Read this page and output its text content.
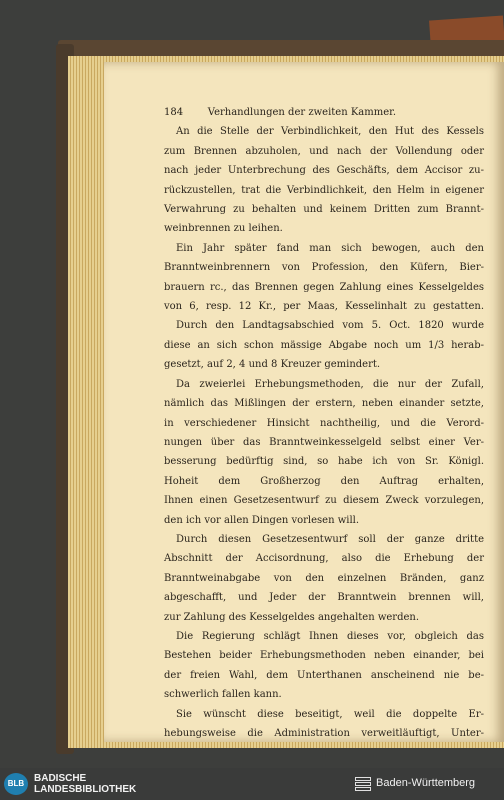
184 Verhandlungen der zweiten Kammer.
An die Stelle der Verbindlichkeit, den Hut des Kessels
zum Brennen abzuholen, und nach der Vollendung oder
nach jeder Unterbrechung des Geschäfts, dem Accisor zu-
rückzustellen, trat die Verbindlichkeit, den Helm in eigener
Verwahrung zu behalten und keinem Dritten zum Brannt-
weinbrennen zu leihen.
Ein Jahr später fand man sich bewogen, auch den
Branntweinbrennern von Profession, den Küfern, Bier-
brauern rc., das Brennen gegen Zahlung eines Kesselgeldes
von 6, resp. 12 Kr., per Maas, Kesselinhalt zu gestatten.
Durch den Landtagsabschied vom 5. Oct. 1820 wurde
diese an sich schon mässige Abgabe noch um 1/3 herab-
gesetzt, auf 2, 4 und 8 Kreuzer gemindert.
Da zweierlei Erhebungsmethoden, die nur der Zufall,
nämlich das Mißlingen der erstern, neben einander setzte,
in verschiedener Hinsicht nachtheilig, und die Verord-
nungen über das Branntweinkesselgeld selbst einer Ver-
besserung bedürftig sind, so habe ich von Sr. Königl.
Hoheit dem Großherzog den Auftrag erhalten,
Ihnen einen Gesetzesentwurf zu diesem Zweck vorzulegen,
den ich vor allen Dingen vorlesen will.
Durch diesen Gesetzesentwurf soll der ganze dritte
Abschnitt der Accisordnung, also die Erhebung der
Branntweinabgabe von den einzelnen Bränden, ganz
abgeschafft, und Jeder der Branntwein brennen will,
zur Zahlung des Kesselgeldes angehalten werden.
Die Regierung schlägt Ihnen dieses vor, obgleich das
Bestehen beider Erhebungsmethoden neben einander, bei
der freien Wahl, dem Unterthanen anscheinend nie be-
schwerlich fallen kann.
Sie wünscht diese beseitigt, weil die doppelte Er-
hebungsweise die Administration verweitläuftigt, Unter-
BLB BADISCHE
LANDESBIBLIOTHEK
Baden-Württemberg
